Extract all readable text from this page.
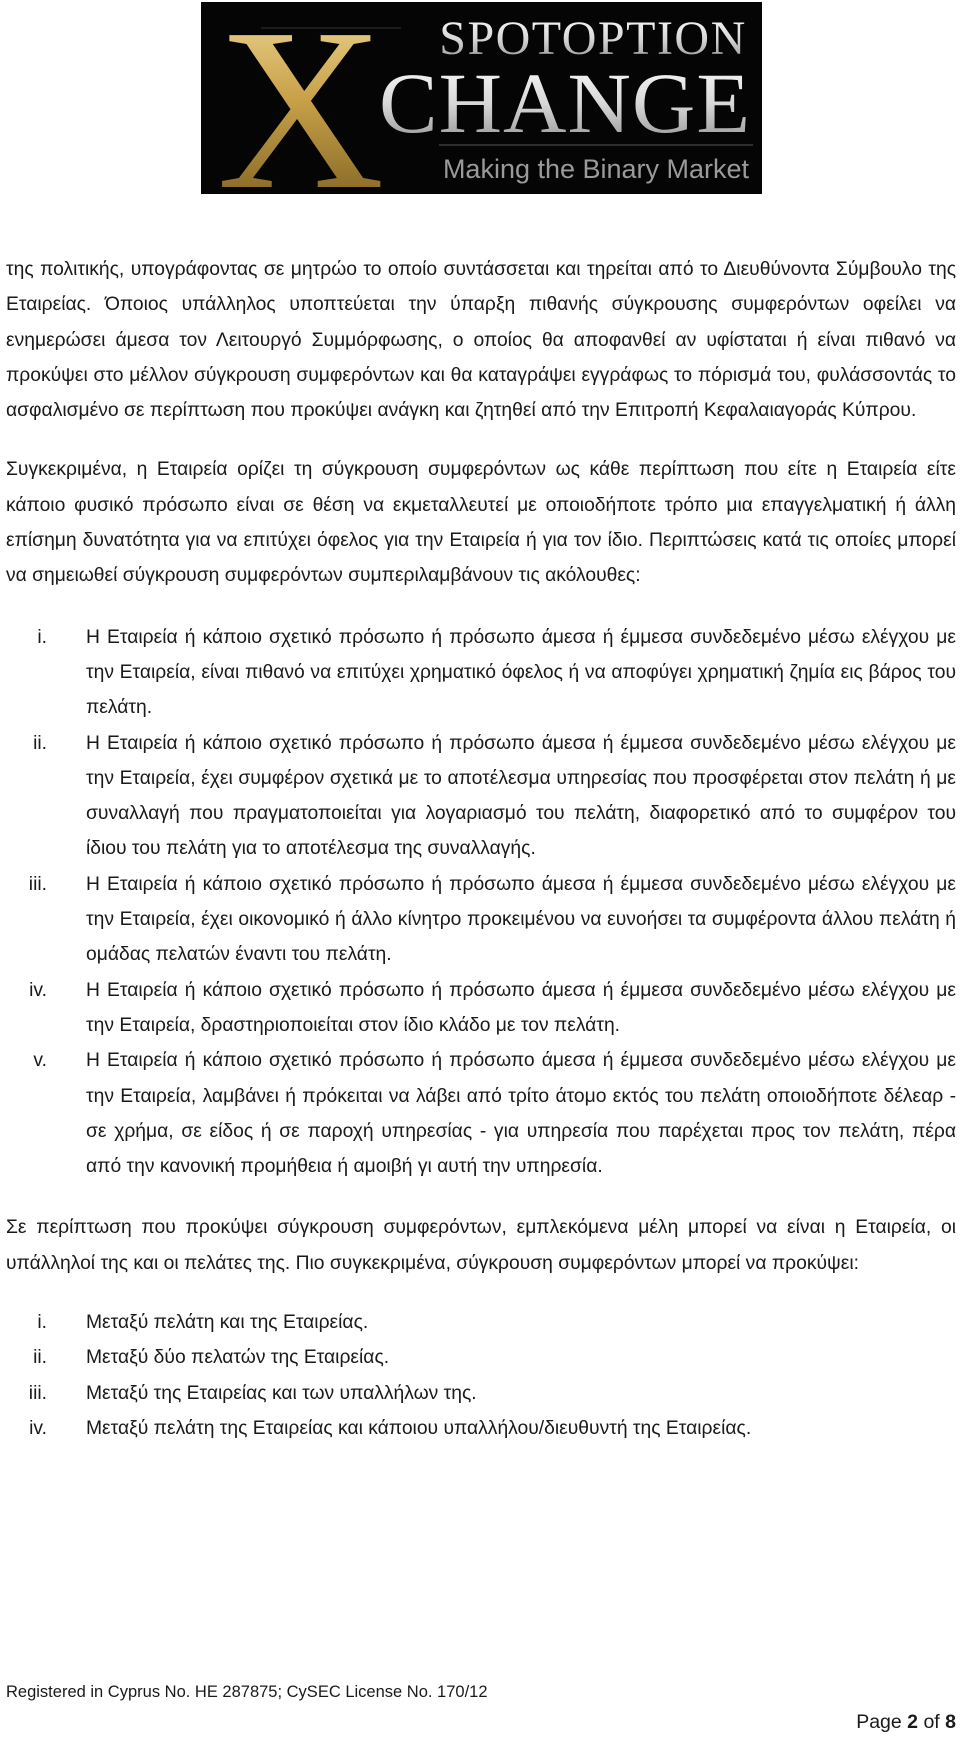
SPOTOPTION
X
CHANGE
Making the Binary Market

της πολιτικής, υπογράφοντας σε μητρώο το οποίο συντάσσεται και τηρείται από το Διευθύνοντα Σύμβουλο της Εταιρείας. Όποιος υπάλληλος υποπτεύεται την ύπαρξη πιθανής σύγκρουσης συμφερόντων οφείλει να ενημερώσει άμεσα τον Λειτουργό Συμμόρφωσης, ο οποίος θα αποφανθεί αν υφίσταται ή είναι πιθανό να προκύψει στο μέλλον σύγκρουση συμφερόντων και θα καταγράψει εγγράφως το πόρισμά του, φυλάσσοντάς το ασφαλισμένο σε περίπτωση που προκύψει ανάγκη και ζητηθεί από την Επιτροπή Κεφαλαιαγοράς Κύπρου.

Συγκεκριμένα, η Εταιρεία ορίζει τη σύγκρουση συμφερόντων ως κάθε περίπτωση που είτε η Εταιρεία είτε κάποιο φυσικό πρόσωπο είναι σε θέση να εκμεταλλευτεί με οποιοδήποτε τρόπο μια επαγγελματική ή άλλη επίσημη δυνατότητα για να επιτύχει όφελος για την Εταιρεία ή για τον ίδιο. Περιπτώσεις κατά τις οποίες μπορεί να σημειωθεί σύγκρουση συμφερόντων συμπεριλαμβάνουν τις ακόλουθες:

i. Η Εταιρεία ή κάποιο σχετικό πρόσωπο ή πρόσωπο άμεσα ή έμμεσα συνδεδεμένο μέσω ελέγχου με την Εταιρεία, είναι πιθανό να επιτύχει χρηματικό όφελος ή να αποφύγει χρηματική ζημία εις βάρος του πελάτη.
ii. Η Εταιρεία ή κάποιο σχετικό πρόσωπο ή πρόσωπο άμεσα ή έμμεσα συνδεδεμένο μέσω ελέγχου με την Εταιρεία, έχει συμφέρον σχετικά με το αποτέλεσμα υπηρεσίας που προσφέρεται στον πελάτη ή με συναλλαγή που πραγματοποιείται για λογαριασμό του πελάτη, διαφορετικό από το συμφέρον του ίδιου του πελάτη για το αποτέλεσμα της συναλλαγής.
iii. Η Εταιρεία ή κάποιο σχετικό πρόσωπο ή πρόσωπο άμεσα ή έμμεσα συνδεδεμένο μέσω ελέγχου με την Εταιρεία, έχει οικονομικό ή άλλο κίνητρο προκειμένου να ευνοήσει τα συμφέροντα άλλου πελάτη ή ομάδας πελατών έναντι του πελάτη.
iv. Η Εταιρεία ή κάποιο σχετικό πρόσωπο ή πρόσωπο άμεσα ή έμμεσα συνδεδεμένο μέσω ελέγχου με την Εταιρεία, δραστηριοποιείται στον ίδιο κλάδο με τον πελάτη.
v. Η Εταιρεία ή κάποιο σχετικό πρόσωπο ή πρόσωπο άμεσα ή έμμεσα συνδεδεμένο μέσω ελέγχου με την Εταιρεία, λαμβάνει ή πρόκειται να λάβει από τρίτο άτομο εκτός του πελάτη οποιοδήποτε δέλεαρ - σε χρήμα, σε είδος ή σε παροχή υπηρεσίας - για υπηρεσία που παρέχεται προς τον πελάτη, πέρα από την κανονική προμήθεια ή αμοιβή γι αυτή την υπηρεσία.

Σε περίπτωση που προκύψει σύγκρουση συμφερόντων, εμπλεκόμενα μέλη μπορεί να είναι η Εταιρεία, οι υπάλληλοί της και οι πελάτες της. Πιο συγκεκριμένα, σύγκρουση συμφερόντων μπορεί να προκύψει:

i. Μεταξύ πελάτη και της Εταιρείας.
ii. Μεταξύ δύο πελατών της Εταιρείας.
iii. Μεταξύ της Εταιρείας και των υπαλλήλων της.
iv. Μεταξύ πελάτη της Εταιρείας και κάποιου υπαλλήλου/διευθυντή της Εταιρείας.
Registered in Cyprus No. HE 287875; CySEC License No. 170/12
Page 2 of 8
